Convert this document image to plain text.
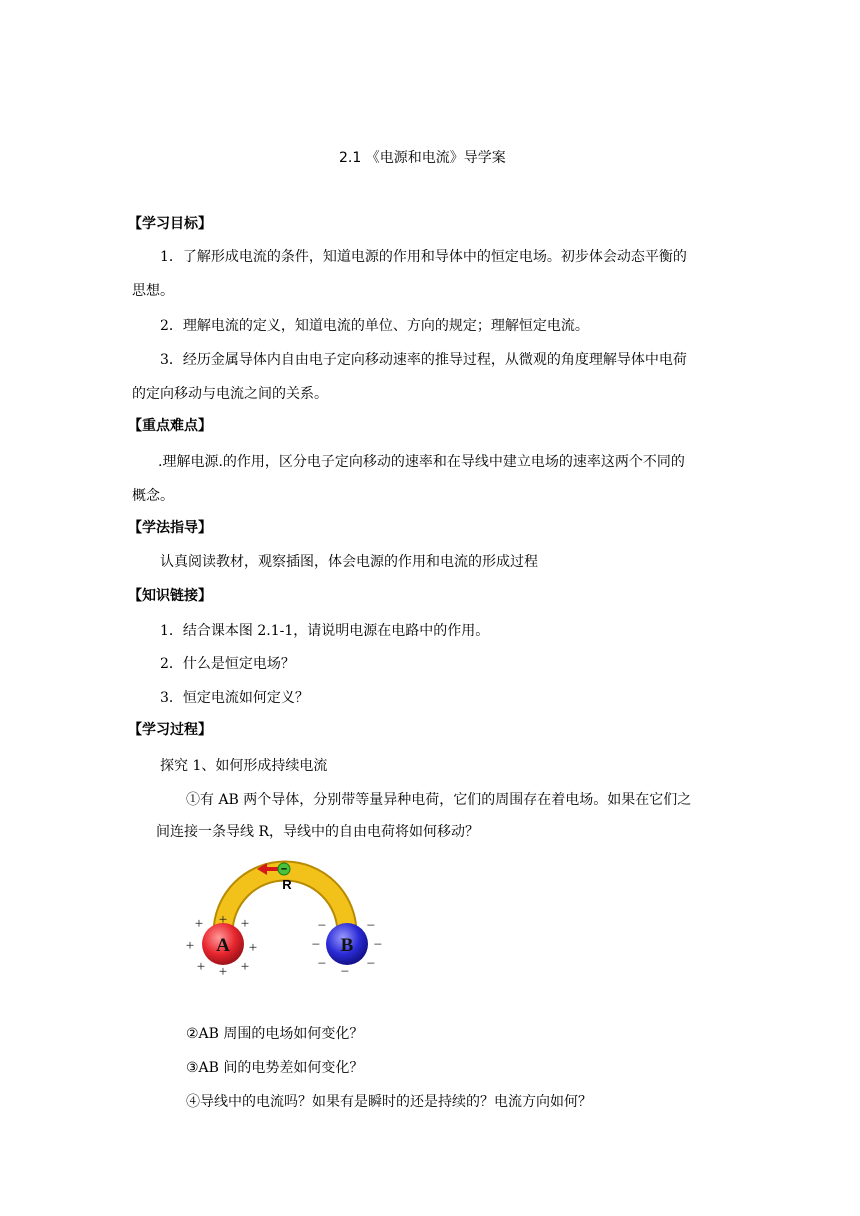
2.1 《电源和电流》导学案
【学习目标】
1．了解形成电流的条件，知道电源的作用和导体中的恒定电场。初步体会动态平衡的
思想。
2．理解电流的定义，知道电流的单位、方向的规定；理解恒定电流。
3．经历金属导体内自由电子定向移动速率的推导过程，从微观的角度理解导体中电荷
的定向移动与电流之间的关系。
【重点难点】
.理解电源.的作用，区分电子定向移动的速率和在导线中建立电场的速率这两个不同的
概念。
【学法指导】
认真阅读教材，观察插图，体会电源的作用和电流的形成过程
【知识链接】
1．结合课本图 2.1-1，请说明电源在电路中的作用。
2．什么是恒定电场？
3．恒定电流如何定义？
【学习过程】
探究 1、如何形成持续电流
①有 AB 两个导体，分别带等量异种电荷，它们的周围存在着电场。如果在它们之
间连接一条导线 R，导线中的自由电荷将如何移动？
−
R
A
+ + +
+	+
+ + +
B
−	−
−	−
−	−
−
②AB 周围的电场如何变化？
③AB 间的电势差如何变化？
④导线中的电流吗？如果有是瞬时的还是持续的？电流方向如何？
